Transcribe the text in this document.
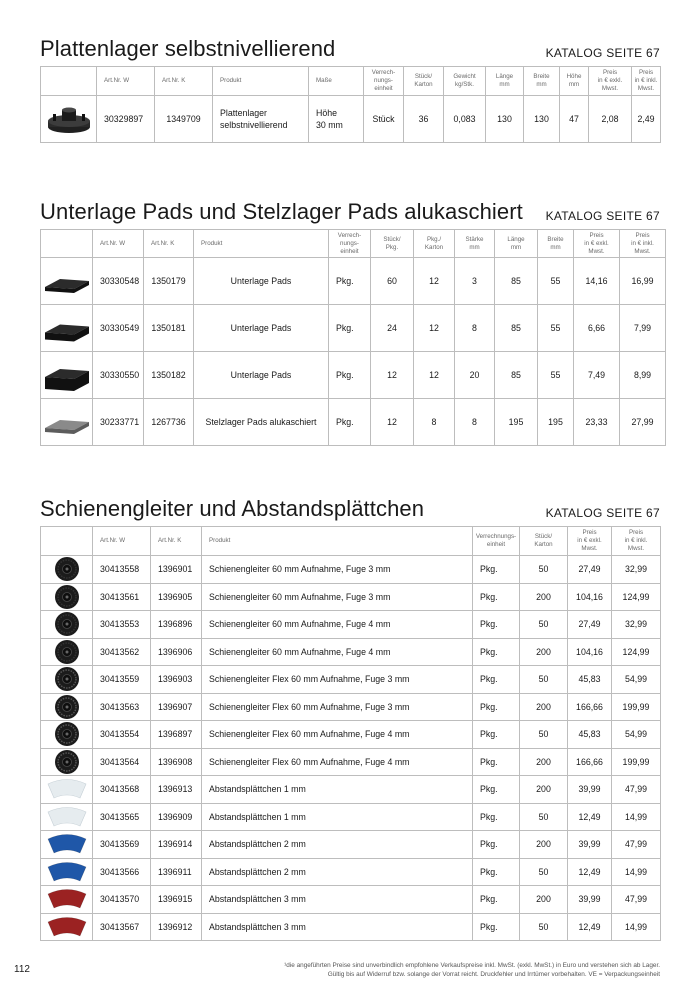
Plattenlager selbstnivellierend	KATALOG SEITE 67
	Art.Nr. W	Art.Nr. K	Produkt	Maße	Verrech-
nungs-
einheit	Stück/
Karton	Gewicht
kg/Stk.	Länge
mm	Breite
mm	Höhe
mm	Preis
in € exkl.
Mwst.	Preis
in € inkl.
Mwst.

	30329897	1349709	Plattenlager
selbstnivellierend	Höhe
30 mm	Stück	36	0,083	130	130	47	2,08	2,49
Unterlage Pads und Stelzlager Pads alukaschiert KATALOG SEITE 67
	Art.Nr. W	Art.Nr. K	Produkt	Verrech-
nungs-
einheit	Stück/
Pkg.	Pkg./
Karton	Stärke
mm	Länge
mm	Breite
mm	Preis
in € exkl.
Mwst.	Preis
in € inkl.
Mwst.

	30330548	1350179	Unterlage Pads	Pkg.	60	12	3	85	55	14,16	16,99

	30330549	1350181	Unterlage Pads	Pkg.	24	12	8	85	55	6,66	7,99

	30330550	1350182	Unterlage Pads	Pkg.	12	12	20	85	55	7,49	8,99

	30233771	1267736	Stelzlager Pads alukaschiert	Pkg.	12	8	8	195	195	23,33	27,99
Schienengleiter und Abstandsplättchen	KATALOG SEITE 67
	Art.Nr. W	Art.Nr. K	Produkt	Verrechnungs-
einheit	Stück/
Karton	Preis
in € exkl.
Mwst.	Preis
in € inkl.
Mwst.

	30413558	1396901	Schienengleiter 60 mm Aufnahme, Fuge 3 mm	Pkg.	50	27,49	32,99

	30413561	1396905	Schienengleiter 60 mm Aufnahme, Fuge 3 mm	Pkg.	200	104,16	124,99

	30413553	1396896	Schienengleiter 60 mm Aufnahme, Fuge 4 mm	Pkg.	50	27,49	32,99

	30413562	1396906	Schienengleiter 60 mm Aufnahme, Fuge 4 mm	Pkg.	200	104,16	124,99

	30413559	1396903	Schienengleiter Flex 60 mm Aufnahme, Fuge 3 mm	Pkg.	50	45,83	54,99

	30413563	1396907	Schienengleiter Flex 60 mm Aufnahme, Fuge 3 mm	Pkg.	200	166,66	199,99

	30413554	1396897	Schienengleiter Flex 60 mm Aufnahme, Fuge 4 mm	Pkg.	50	45,83	54,99

	30413564	1396908	Schienengleiter Flex 60 mm Aufnahme, Fuge 4 mm	Pkg.	200	166,66	199,99

	30413568	1396913	Abstandsplättchen 1 mm	Pkg.	200	39,99	47,99

	30413565	1396909	Abstandsplättchen 1 mm	Pkg.	50	12,49	14,99

	30413569	1396914	Abstandsplättchen 2 mm	Pkg.	200	39,99	47,99

	30413566	1396911	Abstandsplättchen 2 mm	Pkg.	50	12,49	14,99

	30413570	1396915	Abstandsplättchen 3 mm	Pkg.	200	39,99	47,99

	30413567	1396912	Abstandsplättchen 3 mm	Pkg.	50	12,49	14,99
112	¹die angeführten Preise sind unverbindlich empfohlene Verkaufspreise inkl. MwSt. (exkl. MwSt.) in Euro und verstehen sich ab Lager.
Gültig bis auf Widerruf bzw. solange der Vorrat reicht. Druckfehler und Irrtümer vorbehalten. VE = Verpackungseinheit
